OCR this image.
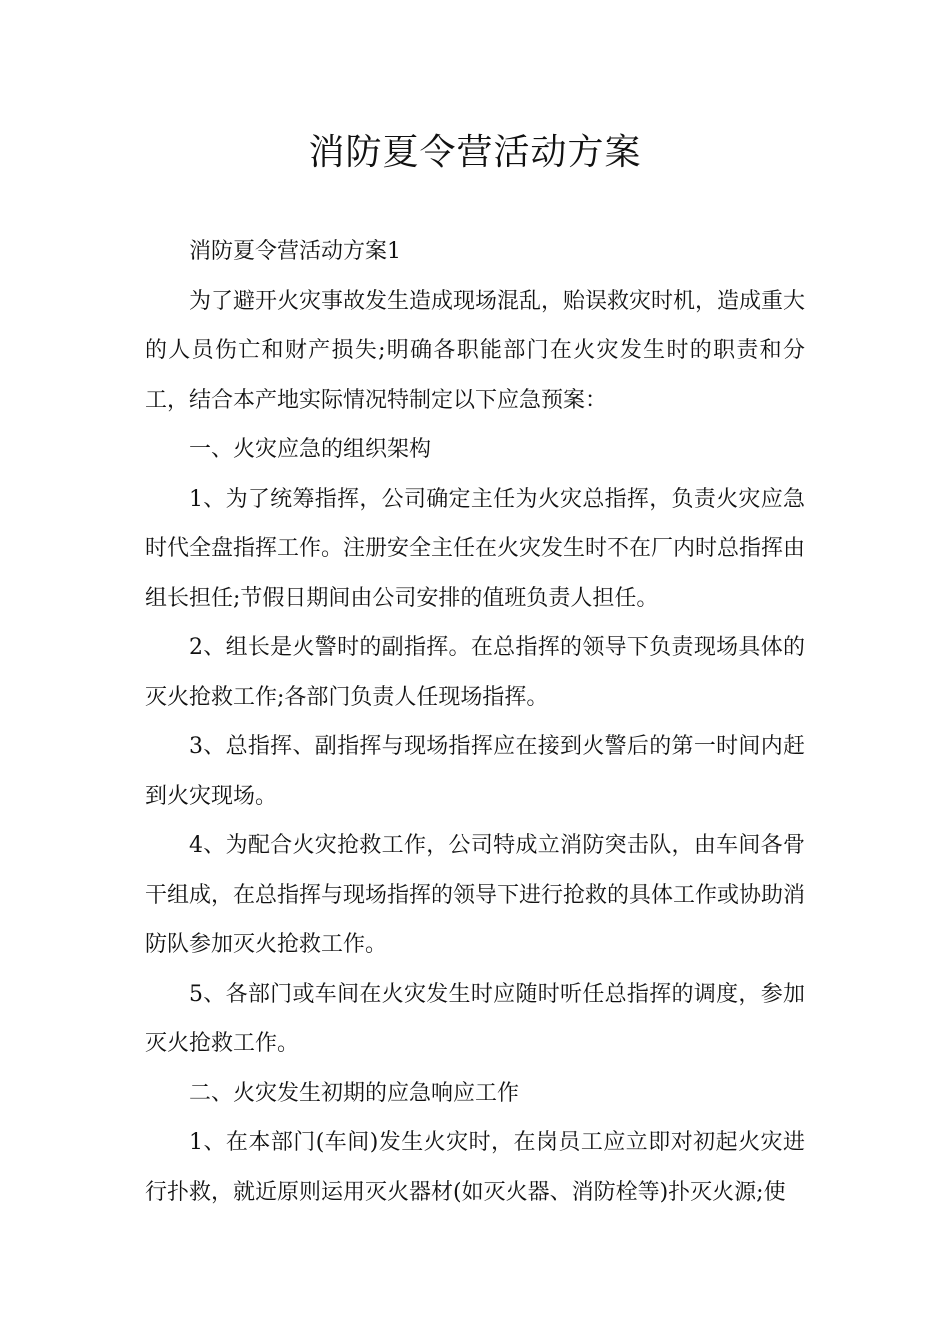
消防夏令营活动方案

消防夏令营活动方案1

为了避开火灾事故发生造成现场混乱，贻误救灾时机，造成重大的人员伤亡和财产损失;明确各职能部门在火灾发生时的职责和分工，结合本产地实际情况特制定以下应急预案：

一、火灾应急的组织架构

1、为了统筹指挥，公司确定主任为火灾总指挥，负责火灾应急时代全盘指挥工作。注册安全主任在火灾发生时不在厂内时总指挥由组长担任;节假日期间由公司安排的值班负责人担任。

2、组长是火警时的副指挥。在总指挥的领导下负责现场具体的灭火抢救工作;各部门负责人任现场指挥。

3、总指挥、副指挥与现场指挥应在接到火警后的第一时间内赶到火灾现场。

4、为配合火灾抢救工作，公司特成立消防突击队，由车间各骨干组成，在总指挥与现场指挥的领导下进行抢救的具体工作或协助消防队参加灭火抢救工作。

5、各部门或车间在火灾发生时应随时听任总指挥的调度，参加灭火抢救工作。

二、火灾发生初期的应急响应工作

1、在本部门(车间)发生火灾时，在岗员工应立即对初起火灾进行扑救，就近原则运用灭火器材(如灭火器、消防栓等)扑灭火源;使
